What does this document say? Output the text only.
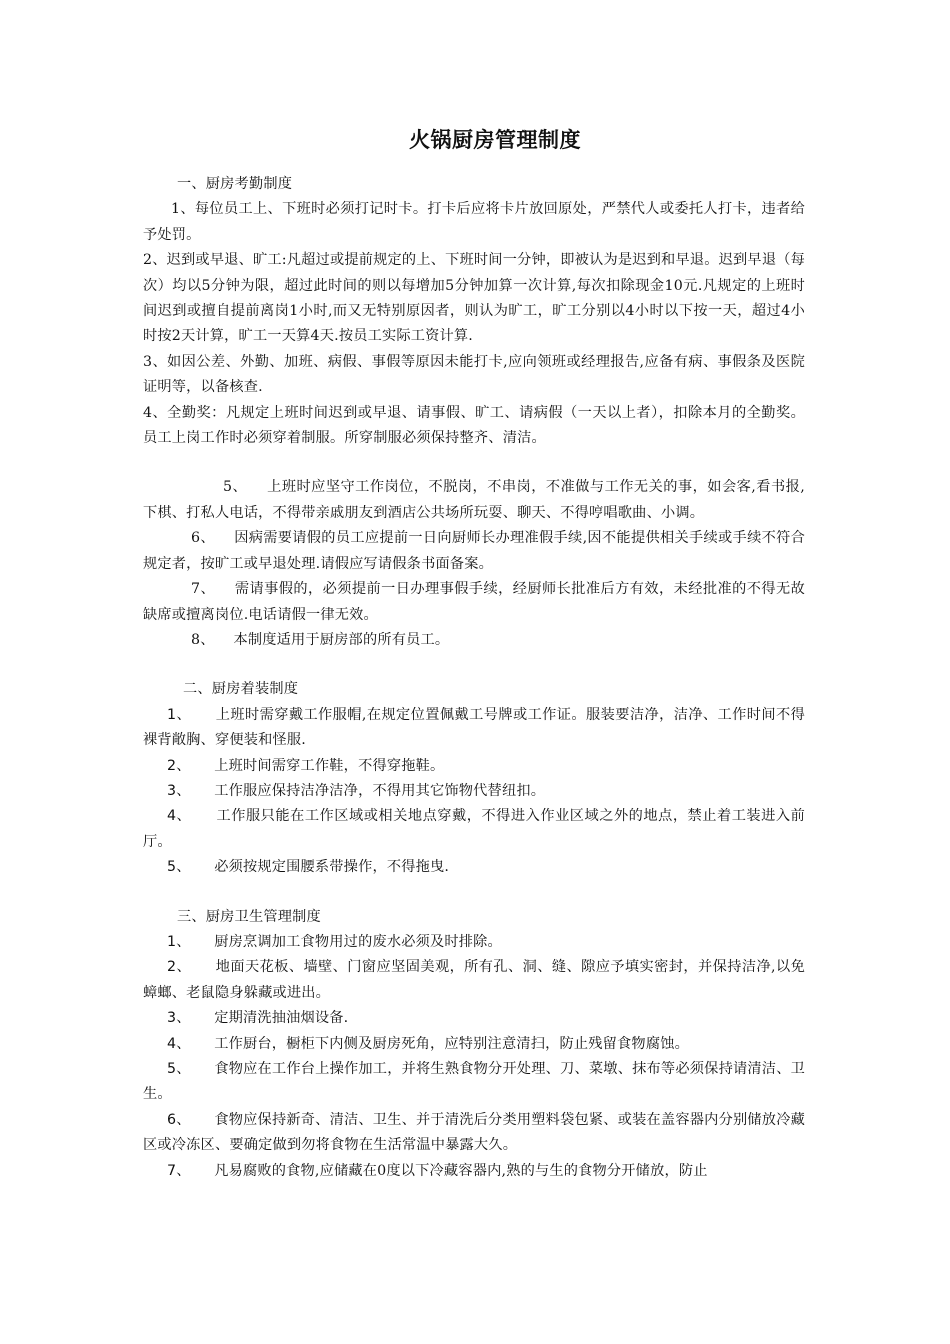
火锅厨房管理制度

一、厨房考勤制度

1、每位员工上、下班时必须打记时卡。打卡后应将卡片放回原处，严禁代人或委托人打卡，违者给予处罚。

2、迟到或早退、旷工:凡超过或提前规定的上、下班时间一分钟，即被认为是迟到和早退。迟到早退（每次）均以5分钟为限，超过此时间的则以每增加5分钟加算一次计算,每次扣除现金10元.凡规定的上班时间迟到或擅自提前离岗1小时,而又无特别原因者，则认为旷工，旷工分别以4小时以下按一天，超过4小时按2天计算，旷工一天算4天.按员工实际工资计算.

3、如因公差、外勤、加班、病假、事假等原因未能打卡,应向领班或经理报告,应备有病、事假条及医院证明等，以备核查.

4、全勤奖：凡规定上班时间迟到或早退、请事假、旷工、请病假（一天以上者），扣除本月的全勤奖。员工上岗工作时必须穿着制服。所穿制服必须保持整齐、清洁。

5、    上班时应坚守工作岗位，不脱岗，不串岗，不准做与工作无关的事，如会客,看书报,下棋、打私人电话，不得带亲戚朋友到酒店公共场所玩耍、聊天、不得哼唱歌曲、小调。

6、    因病需要请假的员工应提前一日向厨师长办理准假手续,因不能提供相关手续或手续不符合规定者，按旷工或早退处理.请假应写请假条书面备案。

7、    需请事假的，必须提前一日办理事假手续，经厨师长批准后方有效，未经批准的不得无故缺席或擅离岗位.电话请假一律无效。

8、    本制度适用于厨房部的所有员工。

二、厨房着装制度

1、 上班时需穿戴工作服帽,在规定位置佩戴工号牌或工作证。服装要洁净，洁净、工作时间不得裸背敞胸、穿便装和怪服.

2、 上班时间需穿工作鞋，不得穿拖鞋。

3、 工作服应保持洁净洁净，不得用其它饰物代替纽扣。

4、 工作服只能在工作区域或相关地点穿戴，不得进入作业区域之外的地点，禁止着工装进入前厅。

5、 必须按规定围腰系带操作，不得拖曳.

三、厨房卫生管理制度

1、 厨房烹调加工食物用过的废水必须及时排除。

2、 地面天花板、墙壁、门窗应坚固美观，所有孔、洞、缝、隙应予填实密封，并保持洁净,以免蟑螂、老鼠隐身躲藏或进出。

3、 定期清洗抽油烟设备.

4、 工作厨台，橱柜下内侧及厨房死角，应特别注意清扫，防止残留食物腐蚀。

5、 食物应在工作台上操作加工，并将生熟食物分开处理、刀、菜墩、抹布等必须保持请清洁、卫生。

6、 食物应保持新奇、清洁、卫生、并于清洗后分类用塑料袋包紧、或装在盖容器内分别储放冷藏区或冷冻区、要确定做到勿将食物在生活常温中暴露大久。

7、 凡易腐败的食物,应储藏在0度以下冷藏容器内,熟的与生的食物分开储放，防止
